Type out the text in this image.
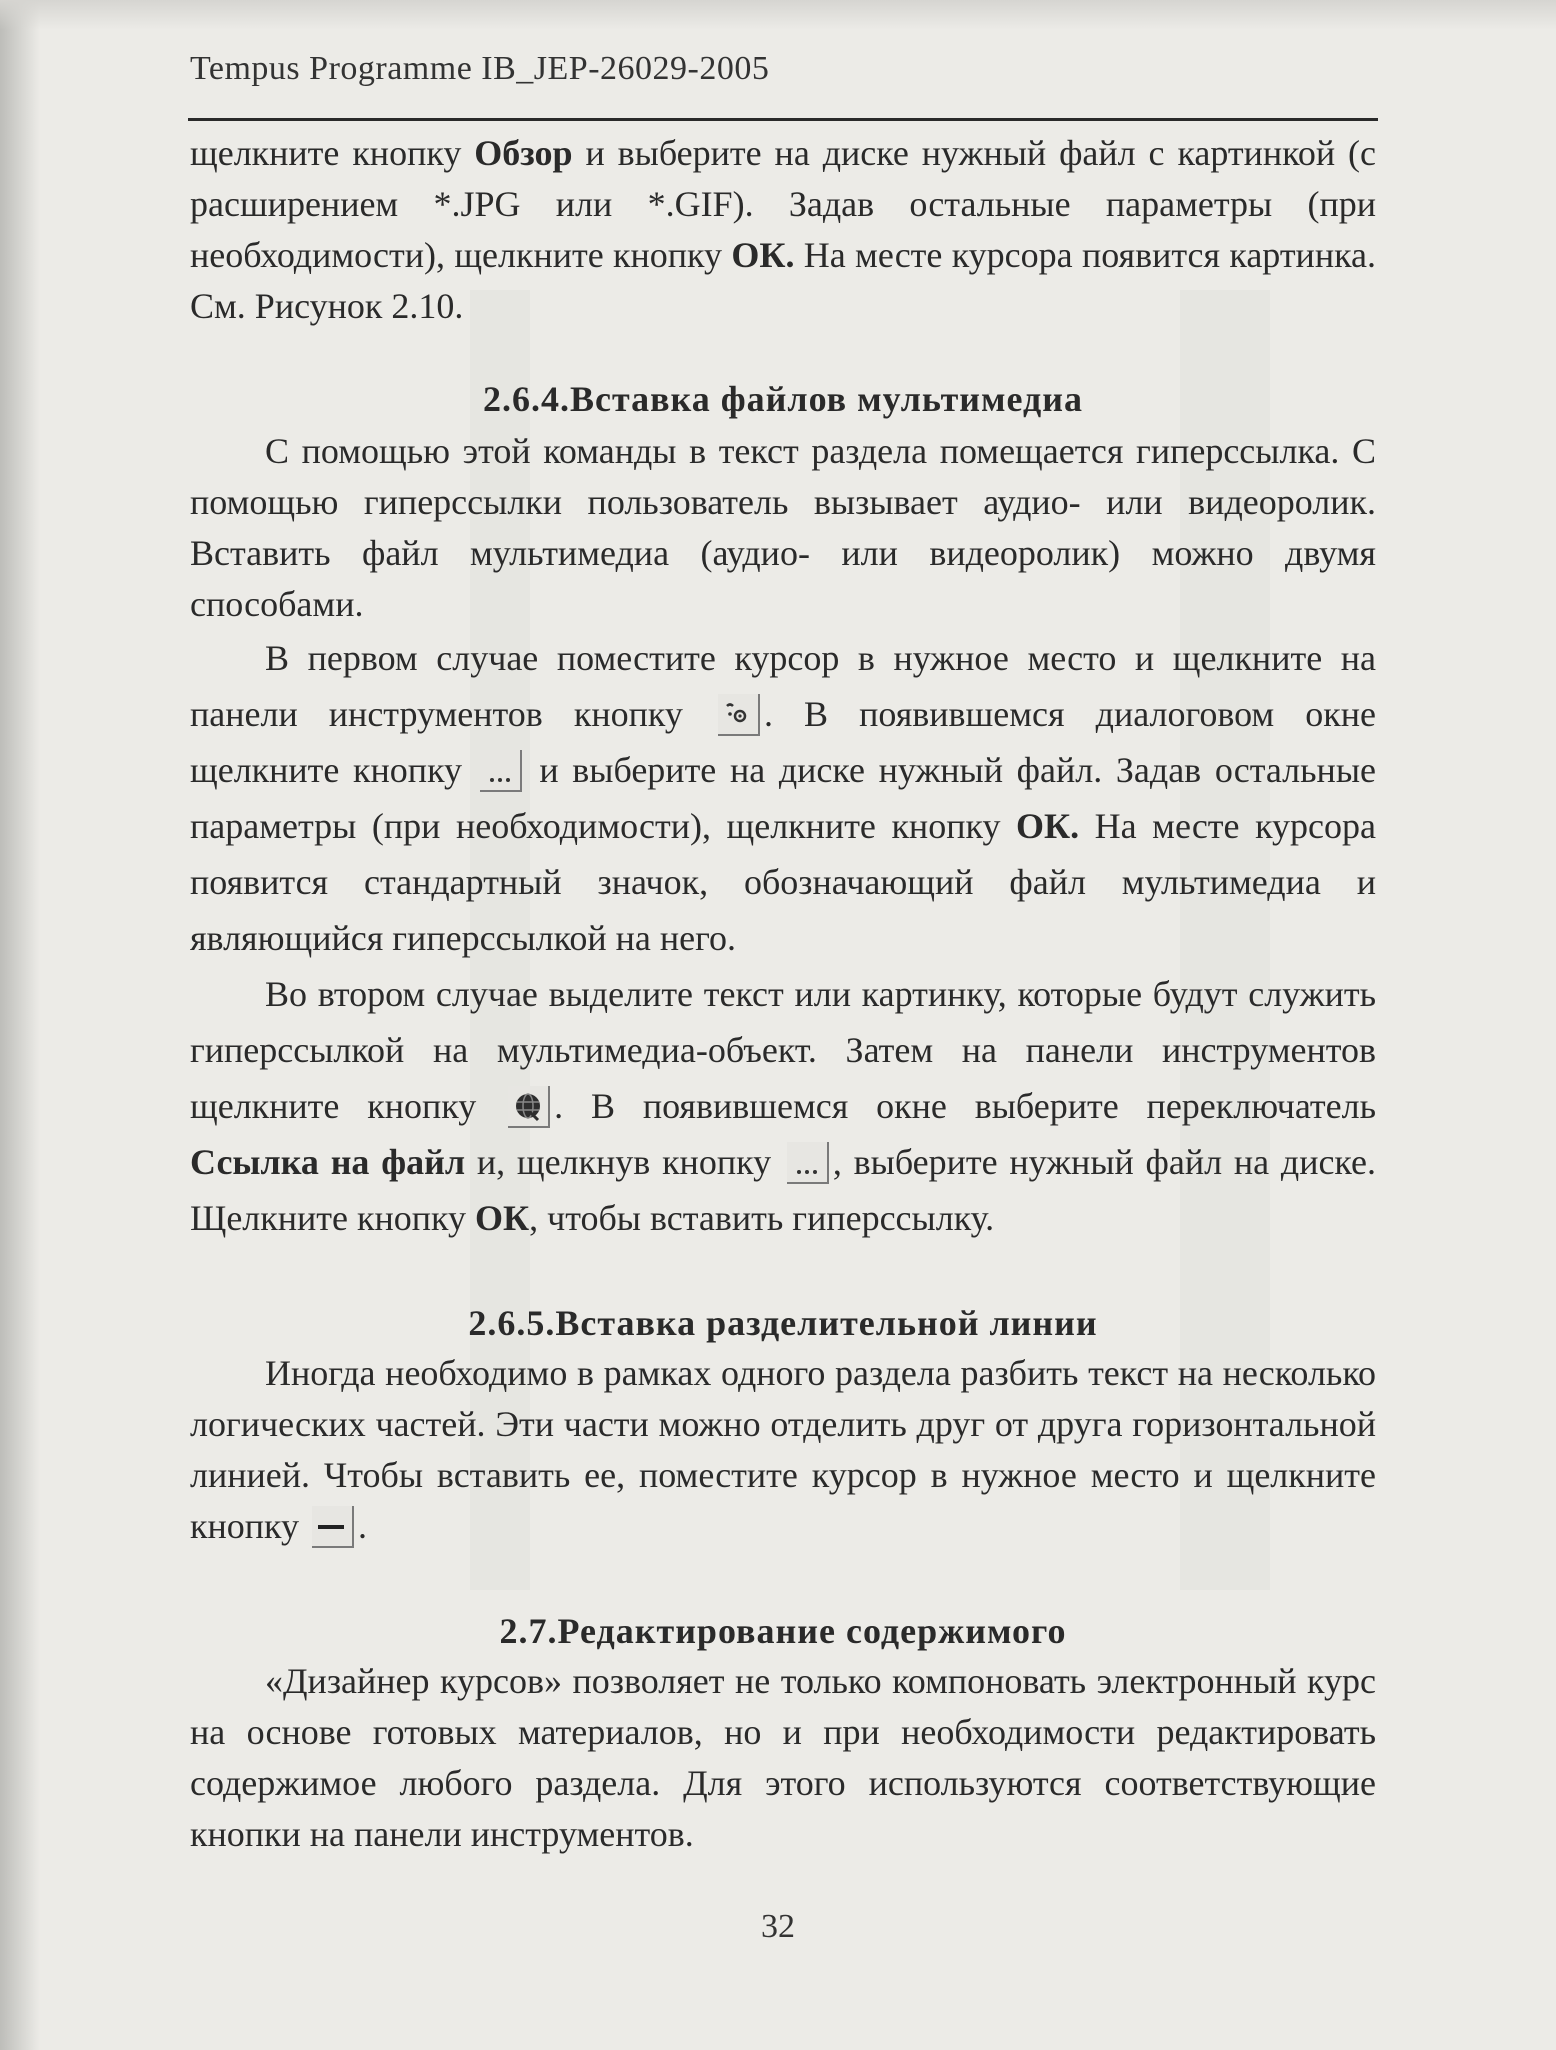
Tempus Programme IB_JEP-26029-2005

щелкните кнопку Обзор и выберите на диске нужный файл с картинкой (с расширением *.JPG или *.GIF). Задав остальные параметры (при необходимости), щелкните кнопку ОК. На месте курсора появится картинка. См. Рисунок 2.10.

2.6.4.Вставка файлов мультимедиа

С помощью этой команды в текст раздела помещается гиперссылка. С помощью гиперссылки пользователь вызывает аудио- или видеоролик. Вставить файл мультимедиа (аудио- или видеоролик) можно двумя способами.

В первом случае поместите курсор в нужное место и щелкните на панели инструментов кнопку
. В появившемся диалоговом окне щелкните кнопку
и выберите на диске нужный файл. Задав остальные параметры (при необходимости), щелкните кнопку ОК. На месте курсора появится стандартный значок, обозначающий файл мультимедиа и являющийся гиперссылкой на него.

Во втором случае выделите текст или картинку, которые будут служить гиперссылкой на мультимедиа-объект. Затем на панели инструментов щелкните кнопку
. В появившемся окне выберите переключатель Ссылка на файл и, щелкнув кнопку
, выберите нужный файл на диске. Щелкните кнопку ОК, чтобы вставить гиперссылку.

2.6.5.Вставка разделительной линии

Иногда необходимо в рамках одного раздела разбить текст на несколько логических частей. Эти части можно отделить друг от друга горизонтальной линией. Чтобы вставить ее, поместите курсор в нужное место и щелкните кнопку
.

2.7.Редактирование содержимого

«Дизайнер курсов» позволяет не только компоновать электронный курс на основе готовых материалов, но и при необходимости редактировать содержимое любого раздела. Для этого используются соответствующие кнопки на панели инструментов.

32
